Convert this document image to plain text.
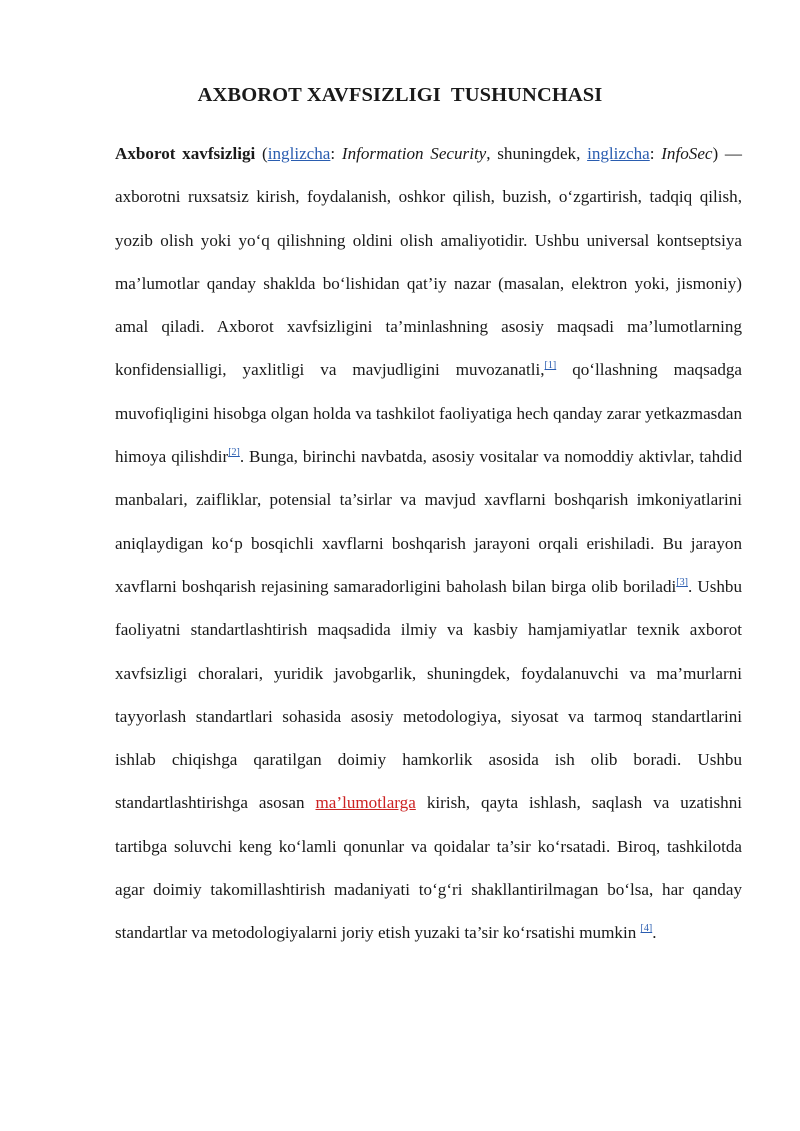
AXBOROT XAVFSIZLIGI  TUSHUNCHASI

Axborot xavfsizligi (inglizcha: Information Security, shuningdek, inglizcha: InfoSec) — axborotni ruxsatsiz kirish, foydalanish, oshkor qilish, buzish, o‘zgartirish, tadqiq qilish, yozib olish yoki yo‘q qilishning oldini olish amaliyotidir. Ushbu universal kontseptsiya ma’lumotlar qanday shaklda bo‘lishidan qat’iy nazar (masalan, elektron yoki, jismoniy) amal qiladi. Axborot xavfsizligini ta’minlashning asosiy maqsadi ma’lumotlarning konfidensialligi, yaxlitligi va mavjudligini muvozanatli,[1] qo‘llashning maqsadga muvofiqligini hisobga olgan holda va tashkilot faoliyatiga hech qanday zarar yetkazmasdan himoya qilishdir[2]. Bunga, birinchi navbatda, asosiy vositalar va nomoddiy aktivlar, tahdid manbalari, zaifliklar, potensial ta’sirlar va mavjud xavflarni boshqarish imkoniyatlarini aniqlaydigan ko‘p bosqichli xavflarni boshqarish jarayoni orqali erishiladi. Bu jarayon xavflarni boshqarish rejasining samaradorligini baholash bilan birga olib boriladi[3]. Ushbu faoliyatni standartlashtirish maqsadida ilmiy va kasbiy hamjamiyatlar texnik axborot xavfsizligi choralari, yuridik javobgarlik, shuningdek, foydalanuvchi va ma’murlarni tayyorlash standartlari sohasida asosiy metodologiya, siyosat va tarmoq standartlarini ishlab chiqishga qaratilgan doimiy hamkorlik asosida ish olib boradi. Ushbu standartlashtirishga asosan ma’lumotlarga kirish, qayta ishlash, saqlash va uzatishni tartibga soluvchi keng ko‘lamli qonunlar va qoidalar ta’sir ko‘rsatadi. Biroq, tashkilotda agar doimiy takomillashtirish madaniyati to‘g‘ri shakllantirilmagan bo‘lsa, har qanday standartlar va metodologiyalarni joriy etish yuzaki ta’sir ko‘rsatishi mumkin [4].
